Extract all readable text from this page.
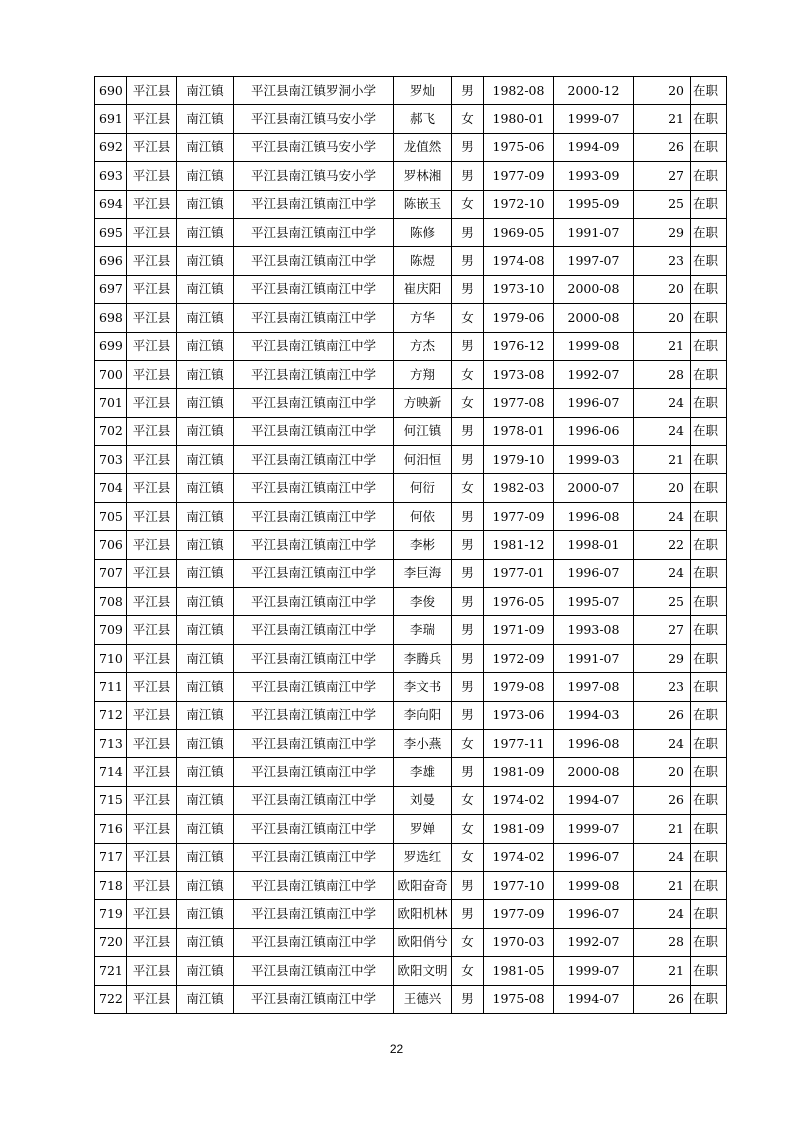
690	平江县	南江镇	平江县南江镇罗洞小学	罗灿	男	1982-08	2000-12	20	在职
691	平江县	南江镇	平江县南江镇马安小学	郝飞	女	1980-01	1999-07	21	在职
692	平江县	南江镇	平江县南江镇马安小学	龙值然	男	1975-06	1994-09	26	在职
693	平江县	南江镇	平江县南江镇马安小学	罗林湘	男	1977-09	1993-09	27	在职
694	平江县	南江镇	平江县南江镇南江中学	陈嵌玉	女	1972-10	1995-09	25	在职
695	平江县	南江镇	平江县南江镇南江中学	陈修	男	1969-05	1991-07	29	在职
696	平江县	南江镇	平江县南江镇南江中学	陈煜	男	1974-08	1997-07	23	在职
697	平江县	南江镇	平江县南江镇南江中学	崔庆阳	男	1973-10	2000-08	20	在职
698	平江县	南江镇	平江县南江镇南江中学	方华	女	1979-06	2000-08	20	在职
699	平江县	南江镇	平江县南江镇南江中学	方杰	男	1976-12	1999-08	21	在职
700	平江县	南江镇	平江县南江镇南江中学	方翔	女	1973-08	1992-07	28	在职
701	平江县	南江镇	平江县南江镇南江中学	方映新	女	1977-08	1996-07	24	在职
702	平江县	南江镇	平江县南江镇南江中学	何江镇	男	1978-01	1996-06	24	在职
703	平江县	南江镇	平江县南江镇南江中学	何汨恒	男	1979-10	1999-03	21	在职
704	平江县	南江镇	平江县南江镇南江中学	何衍	女	1982-03	2000-07	20	在职
705	平江县	南江镇	平江县南江镇南江中学	何依	男	1977-09	1996-08	24	在职
706	平江县	南江镇	平江县南江镇南江中学	李彬	男	1981-12	1998-01	22	在职
707	平江县	南江镇	平江县南江镇南江中学	李巨海	男	1977-01	1996-07	24	在职
708	平江县	南江镇	平江县南江镇南江中学	李俊	男	1976-05	1995-07	25	在职
709	平江县	南江镇	平江县南江镇南江中学	李瑞	男	1971-09	1993-08	27	在职
710	平江县	南江镇	平江县南江镇南江中学	李腾兵	男	1972-09	1991-07	29	在职
711	平江县	南江镇	平江县南江镇南江中学	李文书	男	1979-08	1997-08	23	在职
712	平江县	南江镇	平江县南江镇南江中学	李向阳	男	1973-06	1994-03	26	在职
713	平江县	南江镇	平江县南江镇南江中学	李小燕	女	1977-11	1996-08	24	在职
714	平江县	南江镇	平江县南江镇南江中学	李雄	男	1981-09	2000-08	20	在职
715	平江县	南江镇	平江县南江镇南江中学	刘曼	女	1974-02	1994-07	26	在职
716	平江县	南江镇	平江县南江镇南江中学	罗婵	女	1981-09	1999-07	21	在职
717	平江县	南江镇	平江县南江镇南江中学	罗选红	女	1974-02	1996-07	24	在职
718	平江县	南江镇	平江县南江镇南江中学	欧阳奋奇	男	1977-10	1999-08	21	在职
719	平江县	南江镇	平江县南江镇南江中学	欧阳机林	男	1977-09	1996-07	24	在职
720	平江县	南江镇	平江县南江镇南江中学	欧阳俏兮	女	1970-03	1992-07	28	在职
721	平江县	南江镇	平江县南江镇南江中学	欧阳文明	女	1981-05	1999-07	21	在职
722	平江县	南江镇	平江县南江镇南江中学	王德兴	男	1975-08	1994-07	26	在职
22
